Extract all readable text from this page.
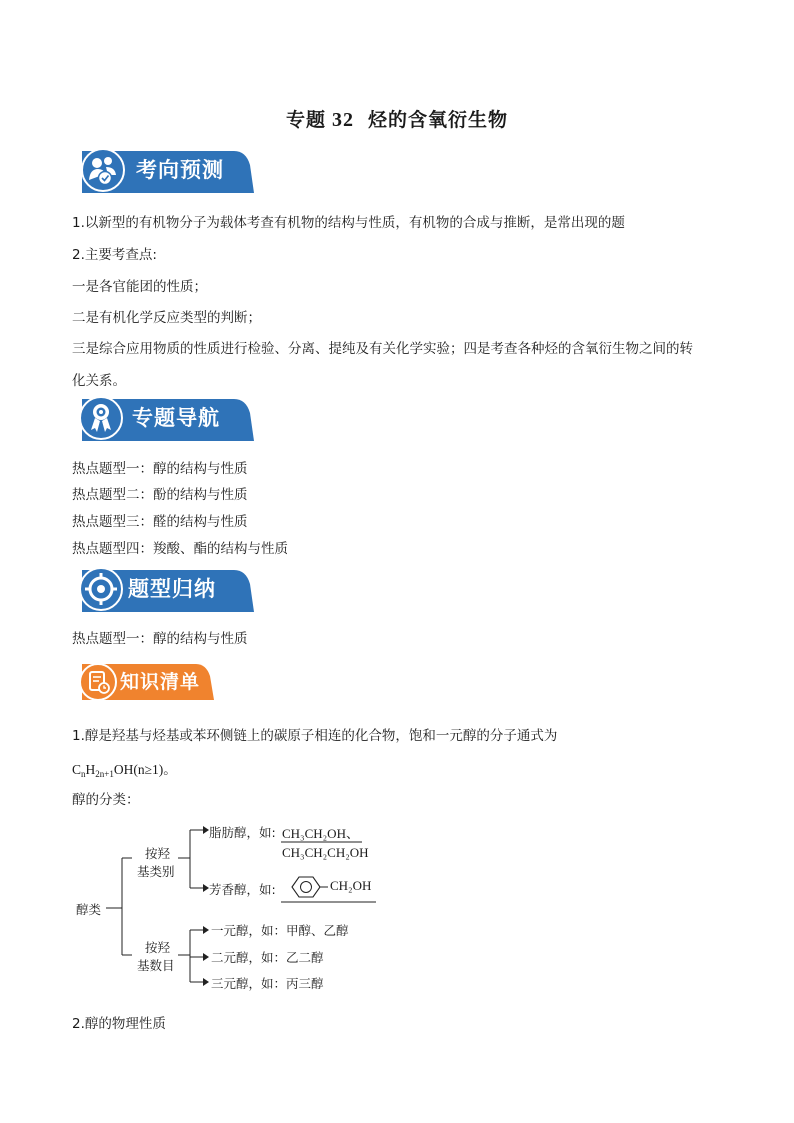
专题 32 烃的含氧衍生物
考向预测
1.以新型的有机物分子为载体考查有机物的结构与性质，有机物的合成与推断，是常出现的题
2.主要考查点:
一是各官能团的性质；
二是有机化学反应类型的判断；
三是综合应用物质的性质进行检验、分离、提纯及有关化学实验；四是考查各种烃的含氧衍生物之间的转
化关系。
专题导航
热点题型一：醇的结构与性质
热点题型二：酚的结构与性质
热点题型三：醛的结构与性质
热点题型四：羧酸、酯的结构与性质
题型归纳
热点题型一：醇的结构与性质
知识清单
1.醇是羟基与烃基或苯环侧链上的碳原子相连的化合物，饱和一元醇的分子通式为
$C_nH_{2n+1}OH(n\ge 1)$。
醇的分类：
醇类
按羟
基类别
按羟
基数目
脂肪醇，如: CH₃CH₂OH、
CH₃CH₂CH₂OH
芳香醇，如:	CH₂OH
一元醇，如：甲醇、乙醇
二元醇，如：乙二醇
三元醇，如：丙三醇
2.醇的物理性质
